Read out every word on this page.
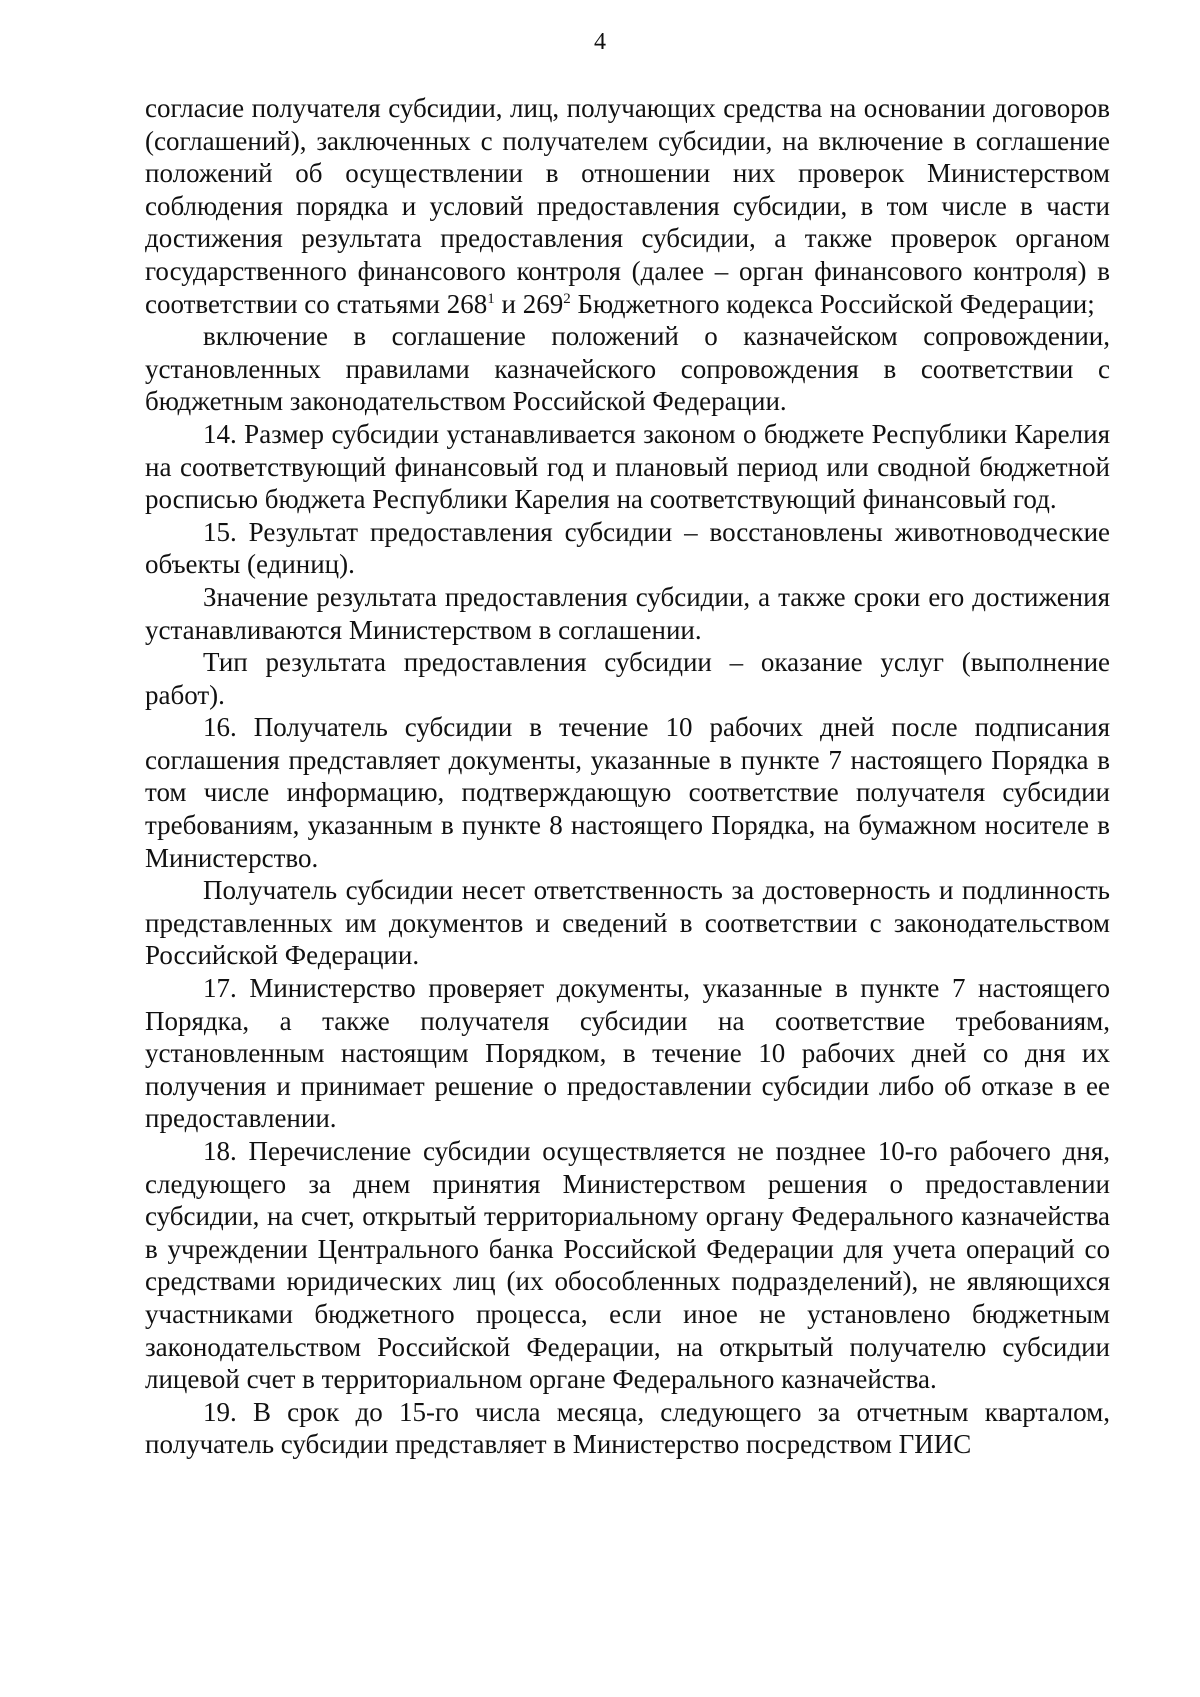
4

согласие получателя субсидии, лиц, получающих средства на основании договоров (соглашений), заключенных с получателем субсидии, на включение в соглашение положений об осуществлении в отношении них проверок Министерством соблюдения порядка и условий предоставления субсидии, в том числе в части достижения результата предоставления субсидии, а также проверок органом государственного финансового контроля (далее – орган финансового контроля) в соответствии со статьями $268^1$ и $269^2$ Бюджетного кодекса Российской Федерации;

включение в соглашение положений о казначейском сопровождении, установленных правилами казначейского сопровождения в соответствии с бюджетным законодательством Российской Федерации.

14. Размер субсидии устанавливается законом о бюджете Республики Карелия на соответствующий финансовый год и плановый период или сводной бюджетной росписью бюджета Республики Карелия на соответствующий финансовый год.

15. Результат предоставления субсидии – восстановлены животноводческие объекты (единиц).

Значение результата предоставления субсидии, а также сроки его достижения устанавливаются Министерством в соглашении.

Тип результата предоставления субсидии – оказание услуг (выполнение работ).

16. Получатель субсидии в течение 10 рабочих дней после подписания соглашения представляет документы, указанные в пункте 7 настоящего Порядка в том числе информацию, подтверждающую соответствие получателя субсидии требованиям, указанным в пункте 8 настоящего Порядка, на бумажном носителе в Министерство.

Получатель субсидии несет ответственность за достоверность и подлинность представленных им документов и сведений в соответствии с законодательством Российской Федерации.

17. Министерство проверяет документы, указанные в пункте 7 настоящего Порядка, а также получателя субсидии на соответствие требованиям, установленным настоящим Порядком, в течение 10 рабочих дней со дня их получения и принимает решение о предоставлении субсидии либо об отказе в ее предоставлении.

18. Перечисление субсидии осуществляется не позднее 10-го рабочего дня, следующего за днем принятия Министерством решения о предоставлении субсидии, на счет, открытый территориальному органу Федерального казначейства в учреждении Центрального банка Российской Федерации для учета операций со средствами юридических лиц (их обособленных подразделений), не являющихся участниками бюджетного процесса, если иное не установлено бюджетным законодательством Российской Федерации, на открытый получателю субсидии лицевой счет в территориальном органе Федерального казначейства.

19. В срок до 15-го числа месяца, следующего за отчетным кварталом, получатель субсидии представляет в Министерство посредством ГИИС
